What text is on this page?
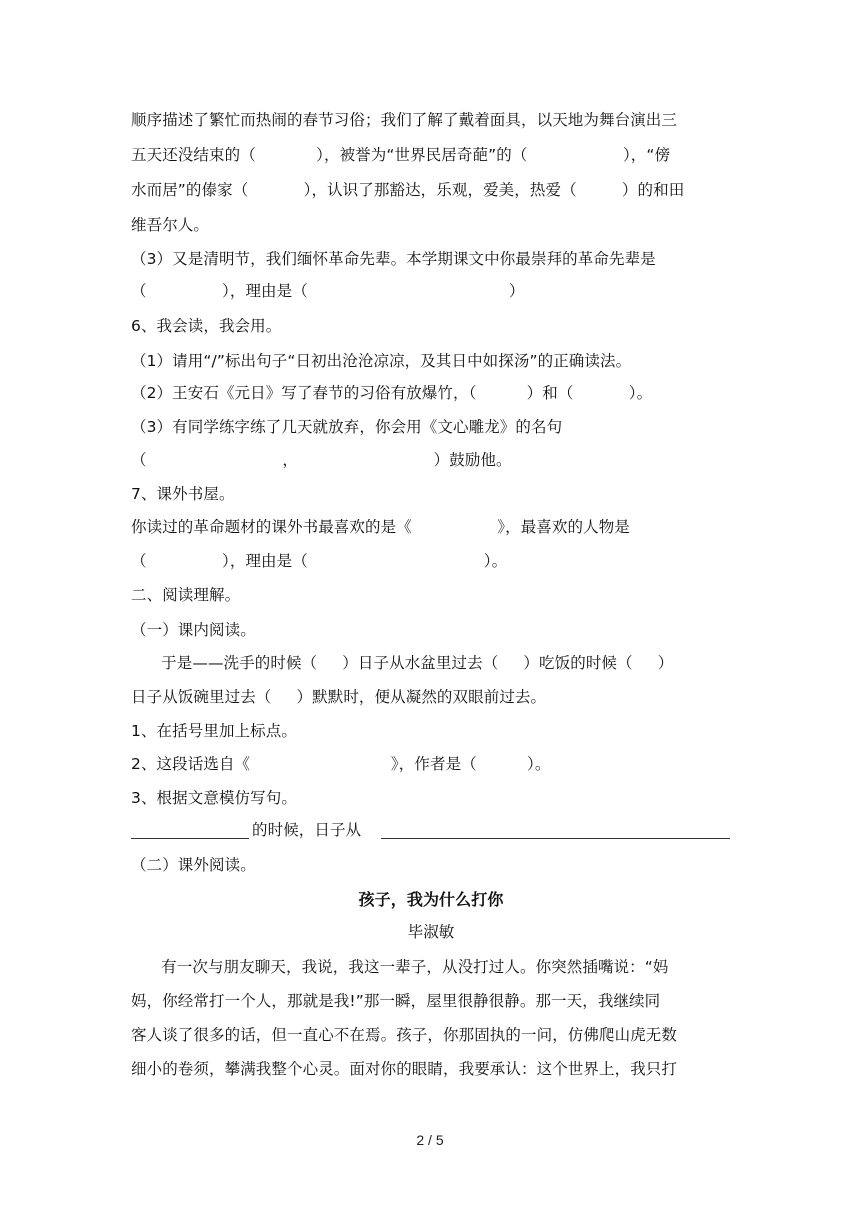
顺序描述了繁忙而热闹的春节习俗；我们了解了戴着面具，以天地为舞台演出三
五天还没结束的（            ），被誉为“世界民居奇葩”的（                   ），“傍
水而居”的傣家（           ），认识了那豁达，乐观，爱美，热爱（         ）的和田
维吾尔人。
（3）又是清明节，我们缅怀革命先辈。本学期课文中你最崇拜的革命先辈是
（               ），理由是（                                        ）
6、我会读，我会用。
（1）请用“/”标出句子“日初出沧沧凉凉，及其日中如探汤”的正确读法。
（2）王安石《元日》写了春节的习俗有放爆竹，（          ）和（           ）。
（3）有同学练字练了几天就放弃，你会用《文心雕龙》的名句
（                           ，                           ）鼓励他。
7、课外书屋。
你读过的革命题材的课外书最喜欢的是《                 》，最喜欢的人物是
（               ），理由是（                                   ）。
二、阅读理解。
（一）课内阅读。
于是——洗手的时候（     ）日子从水盆里过去（     ）吃饭的时候（     ）
日子从饭碗里过去（     ）默默时，便从凝然的双眼前过去。
1、在括号里加上标点。
2、这段话选自《                            》，作者是（          ）。
3、根据文意模仿写句。
的时候，日子从
（二）课外阅读。
孩子，我为什么打你
毕淑敏
有一次与朋友聊天，我说，我这一辈子，从没打过人。你突然插嘴说：“妈
妈，你经常打一个人，那就是我!”那一瞬，屋里很静很静。那一天，我继续同
客人谈了很多的话，但一直心不在焉。孩子，你那固执的一问，仿佛爬山虎无数
细小的卷须，攀满我整个心灵。面对你的眼睛，我要承认：这个世界上，我只打
2 / 5
